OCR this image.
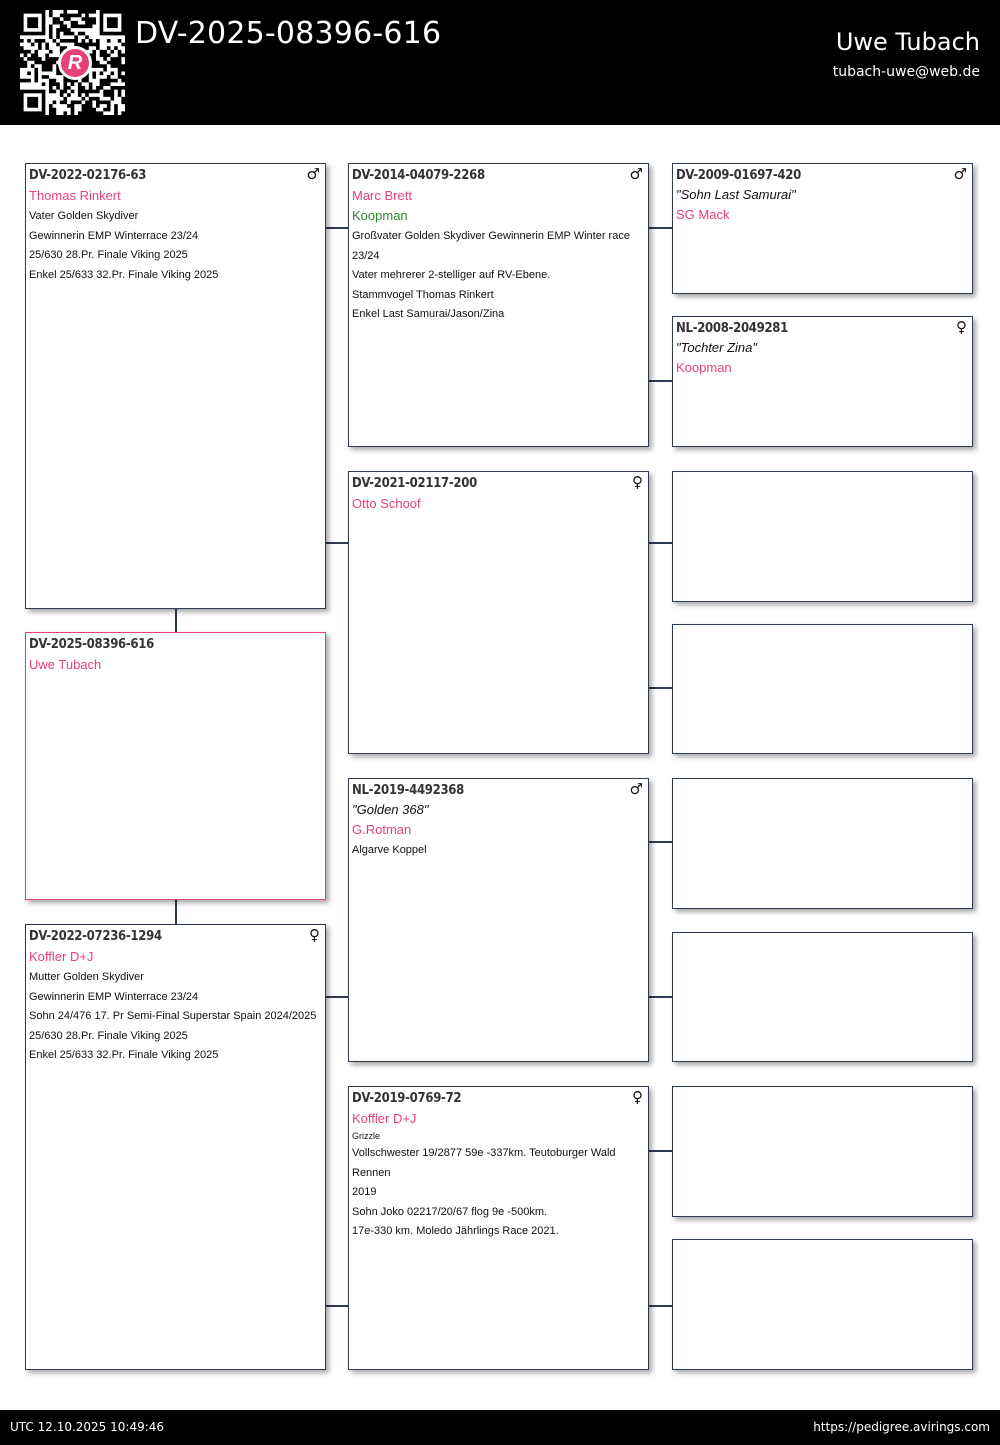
R
DV-2025-08396-616	Uwe Tubach
tubach-uwe@web.de
DV-2022-02176-63	♂
Thomas Rinkert
Vater Golden Skydiver
Gewinnerin EMP Winterrace 23/24
25/630 28.Pr. Finale Viking 2025
Enkel 25/633 32.Pr. Finale Viking 2025
DV-2025-08396-616
Uwe Tubach
DV-2022-07236-1294	♀
Koffler D+J
Mutter Golden Skydiver
Gewinnerin EMP Winterrace 23/24
Sohn 24/476 17. Pr Semi-Final Superstar Spain 2024/2025
25/630 28.Pr. Finale Viking 2025
Enkel 25/633 32.Pr. Finale Viking 2025
DV-2014-04079-2268	♂
Marc Brett
Koopman
Großvater Golden Skydiver Gewinnerin EMP Winter race 23/24
Vater mehrerer 2-stelliger auf RV-Ebene.
Stammvogel Thomas Rinkert
Enkel Last Samurai/Jason/Zina
DV-2021-02117-200	♀
Otto Schoof
NL-2019-4492368	♂
"Golden 368"
G.Rotman
Algarve Koppel
DV-2019-0769-72	♀
Koffler D+J
Grizzle
Vollschwester 19/2877 59e -337km. Teutoburger Wald Rennen
2019
Sohn Joko 02217/20/67 flog 9e -500km.
17e-330 km. Moledo Jährlings Race 2021.
DV-2009-01697-420	♂
"Sohn Last Samurai"
SG Mack
NL-2008-2049281	♀
"Tochter Zina"
Koopman
UTC 12.10.2025 10:49:46	https://pedigree.avirings.com
